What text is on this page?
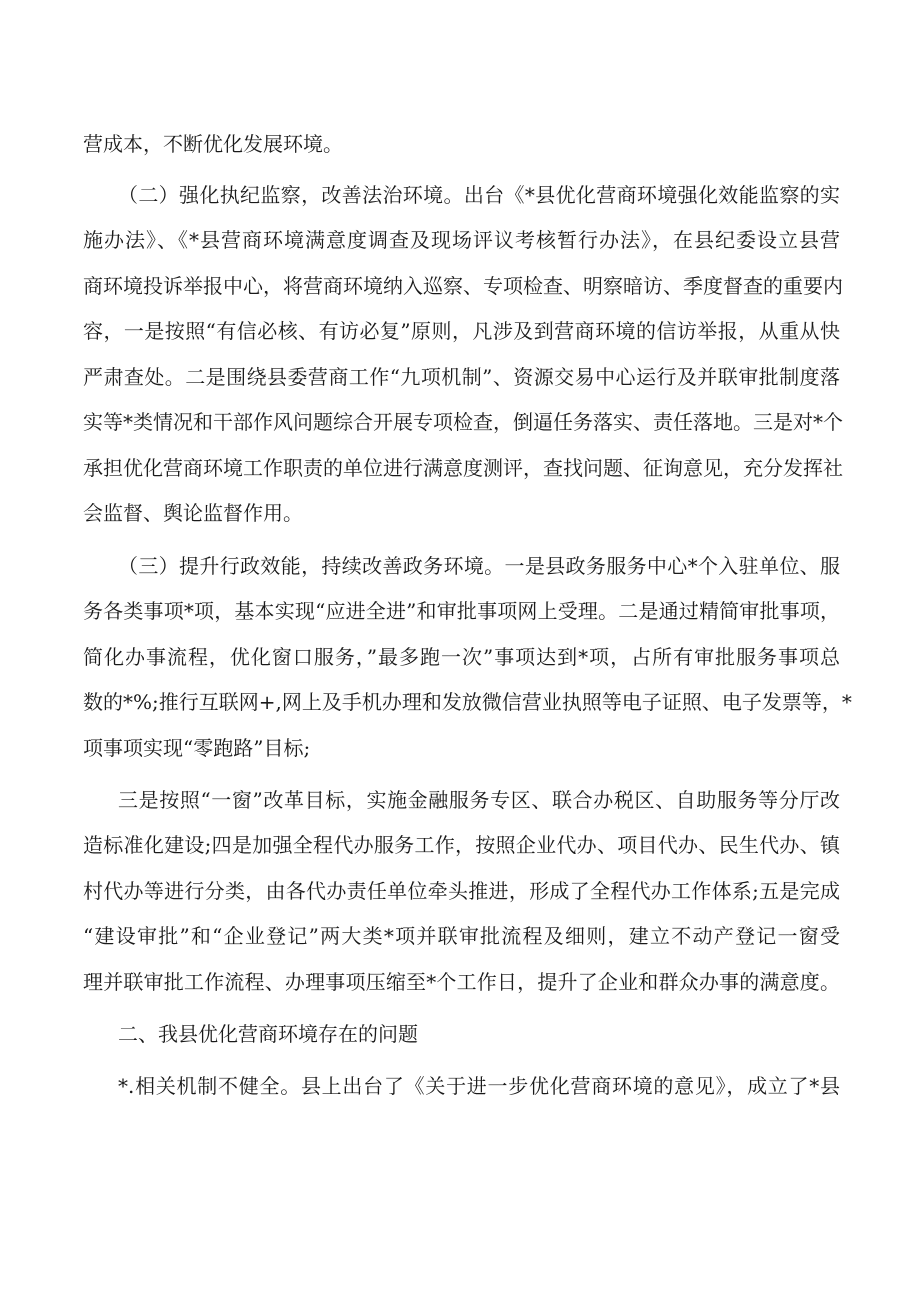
营成本，不断优化发展环境。
（二）强化执纪监察，改善法治环境。出台《*县优化营商环境强化效能监察的实
施办法》、《*县营商环境满意度调查及现场评议考核暂行办法》，在县纪委设立县营
商环境投诉举报中心，将营商环境纳入巡察、专项检查、明察暗访、季度督查的重要内
容，一是按照“有信必核、有访必复”原则，凡涉及到营商环境的信访举报，从重从快
严肃查处。二是围绕县委营商工作“九项机制”、资源交易中心运行及并联审批制度落
实等*类情况和干部作风问题综合开展专项检查，倒逼任务落实、责任落地。三是对*个
承担优化营商环境工作职责的单位进行满意度测评，查找问题、征询意见，充分发挥社
会监督、舆论监督作用。
（三）提升行政效能，持续改善政务环境。一是县政务服务中心*个入驻单位、服
务各类事项*项，基本实现“应进全进”和审批事项网上受理。二是通过精简审批事项，
简化办事流程，优化窗口服务，”最多跑一次”事项达到*项，占所有审批服务事项总
数的*%;推行互联网+,网上及手机办理和发放微信营业执照等电子证照、电子发票等，*
项事项实现“零跑路”目标;
三是按照“一窗”改革目标，实施金融服务专区、联合办税区、自助服务等分厅改
造标准化建设;四是加强全程代办服务工作，按照企业代办、项目代办、民生代办、镇
村代办等进行分类，由各代办责任单位牵头推进，形成了全程代办工作体系;五是完成
“建设审批”和“企业登记”两大类*项并联审批流程及细则，建立不动产登记一窗受
理并联审批工作流程、办理事项压缩至*个工作日，提升了企业和群众办事的满意度。
二、我县优化营商环境存在的问题
*.相关机制不健全。县上出台了《关于进一步优化营商环境的意见》，成立了*县
